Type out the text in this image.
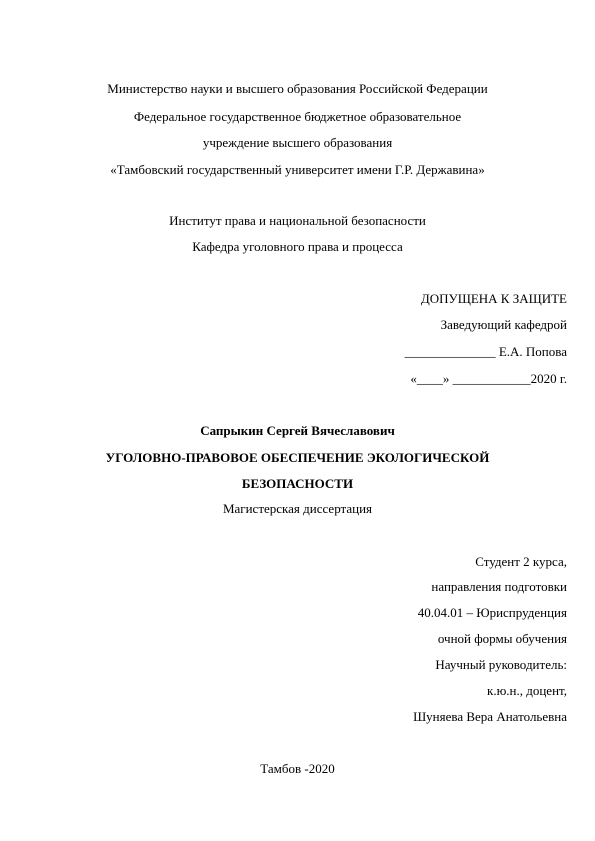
Министерство науки и высшего образования Российской Федерации
Федеральное государственное бюджетное образовательное
учреждение высшего образования
«Тамбовский государственный университет имени Г.Р. Державина»
Институт права и национальной безопасности
Кафедра уголовного права и процесса
ДОПУЩЕНА К ЗАЩИТЕ
Заведующий кафедрой
______________ Е.А. Попова
«____» ____________2020 г.
Сапрыкин Сергей Вячеславович
УГОЛОВНО-ПРАВОВОЕ ОБЕСПЕЧЕНИЕ ЭКОЛОГИЧЕСКОЙ
БЕЗОПАСНОСТИ
Магистерская диссертация
Студент 2 курса,
направления подготовки
40.04.01 – Юриспруденция
очной формы обучения
Научный руководитель:
к.ю.н., доцент,
Шуняева Вера Анатольевна
Тамбов -2020
